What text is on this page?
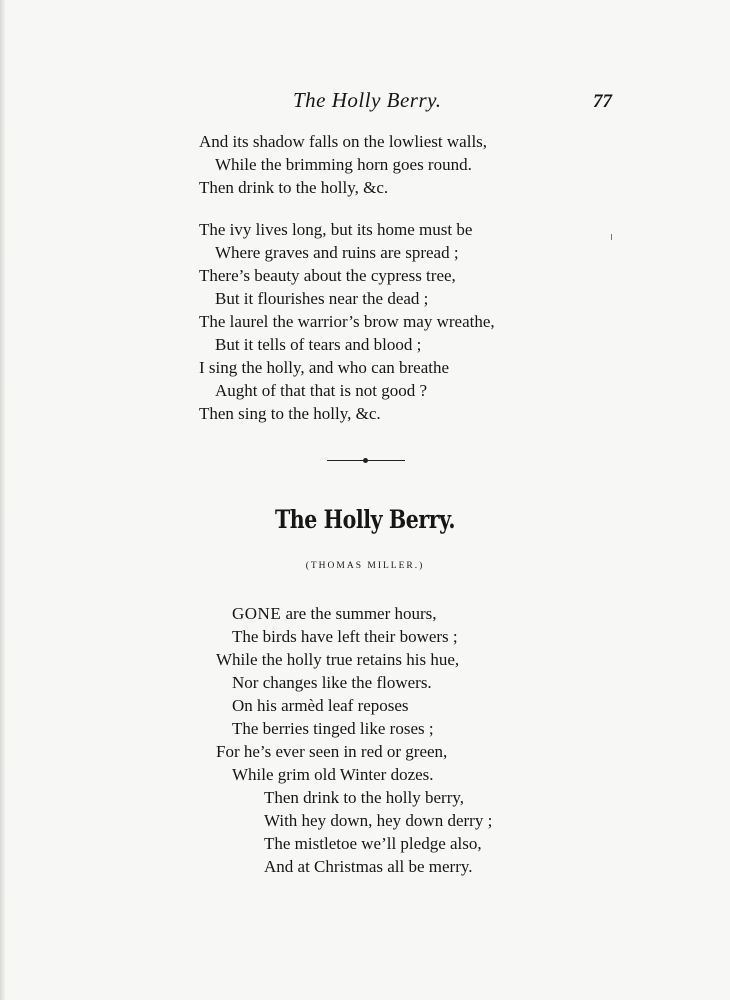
The Holly Berry.	77
And its shadow falls on the lowliest walls,
While the brimming horn goes round.
Then drink to the holly, &c.
The ivy lives long, but its home must be
Where graves and ruins are spread ;
There’s beauty about the cypress tree,
But it flourishes near the dead ;
The laurel the warrior’s brow may wreathe,
But it tells of tears and blood ;
I sing the holly, and who can breathe
Aught of that that is not good ?
Then sing to the holly, &c.
The Holly Berry.
(THOMAS MILLER.)
GONE are the summer hours,
The birds have left their bowers ;
While the holly true retains his hue,
Nor changes like the flowers.
On his armèd leaf reposes
The berries tinged like roses ;
For he’s ever seen in red or green,
While grim old Winter dozes.
Then drink to the holly berry,
With hey down, hey down derry ;
The mistletoe we’ll pledge also,
And at Christmas all be merry.
